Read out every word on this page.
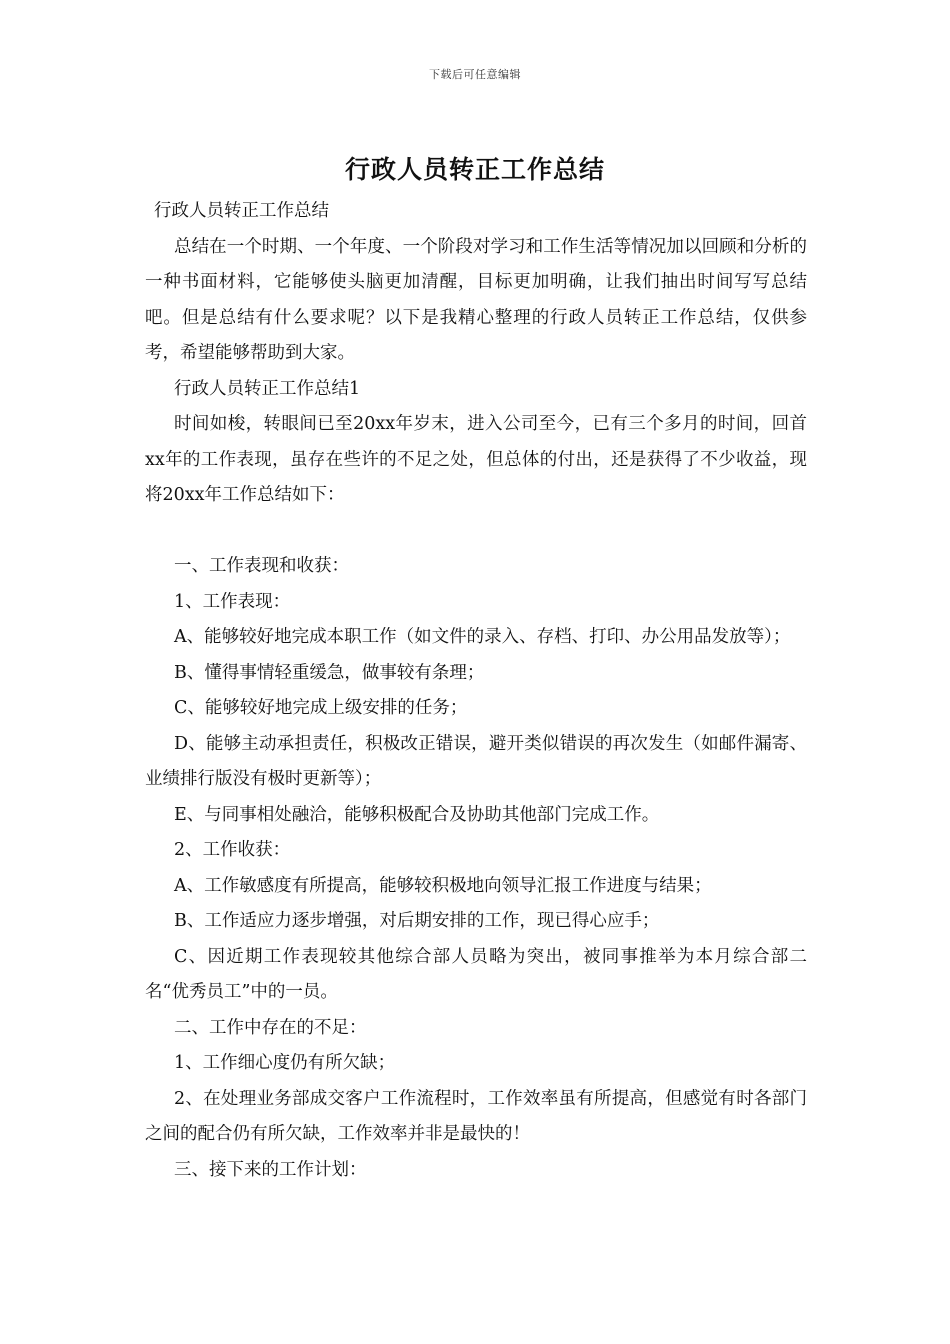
下载后可任意编辑
行政人员转正工作总结

行政人员转正工作总结

总结在一个时期、一个年度、一个阶段对学习和工作生活等情况加以回顾和分析的一种书面材料，它能够使头脑更加清醒，目标更加明确，让我们抽出时间写写总结吧。但是总结有什么要求呢？以下是我精心整理的行政人员转正工作总结，仅供参考，希望能够帮助到大家。

行政人员转正工作总结1

时间如梭，转眼间已至20xx年岁末，进入公司至今，已有三个多月的时间，回首xx年的工作表现，虽存在些许的不足之处，但总体的付出，还是获得了不少收益，现将20xx年工作总结如下：

一、工作表现和收获：

1、工作表现：

A、能够较好地完成本职工作（如文件的录入、存档、打印、办公用品发放等）；

B、懂得事情轻重缓急，做事较有条理；

C、能够较好地完成上级安排的任务；

D、能够主动承担责任，积极改正错误，避开类似错误的再次发生（如邮件漏寄、业绩排行版没有极时更新等）；

E、与同事相处融洽，能够积极配合及协助其他部门完成工作。

2、工作收获：

A、工作敏感度有所提高，能够较积极地向领导汇报工作进度与结果；

B、工作适应力逐步增强，对后期安排的工作，现已得心应手；

C、因近期工作表现较其他综合部人员略为突出，被同事推举为本月综合部二名“优秀员工”中的一员。

二、工作中存在的不足：

1、工作细心度仍有所欠缺；

2、在处理业务部成交客户工作流程时，工作效率虽有所提高，但感觉有时各部门之间的配合仍有所欠缺，工作效率并非是最快的！

三、接下来的工作计划：
